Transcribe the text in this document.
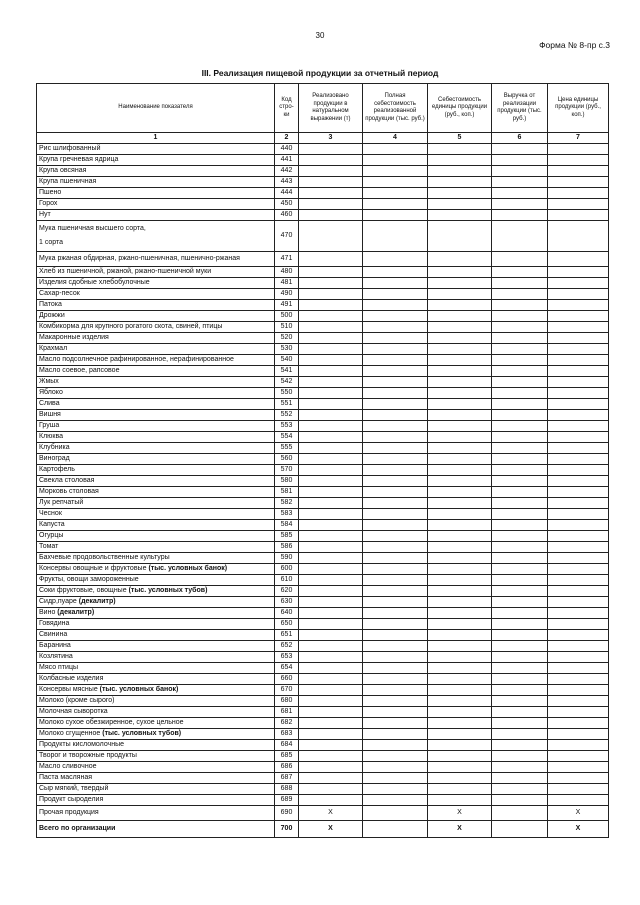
30
Форма № 8-пр с.3
III. Реализация пищевой продукции за отчетный период
Наименование показателя	Код стро-ки	Реализовано продукции в натуральном выражении (т)	Полная себестоимость реализованной продукции (тыс. руб.)	Себестоимость единицы продукции (руб., коп.)	Выручка от реализации продукции (тыс. руб.)	Цена единицы продукции (руб., коп.)
1	2	3	4	5	6	7
Рис шлифованный	440					
Крупа гречневая ядрица	441					
Крупа овсяная	442					
Крупа пшеничная	443					
Пшено	444					
Горох	450					
Нут	460					
Мука пшеничная высшего сорта,
1 сорта	470					
Мука ржаная обдирная, ржано-пшеничная, пшенично-ржаная	471					
Хлеб из пшеничной, ржаной, ржано-пшеничной муки	480					
Изделия сдобные хлебобулочные	481					
Сахар-песок	490					
Патока	491					
Дрожжи	500					
Комбикорма для крупного рогатого скота, свиней, птицы	510					
Макаронные изделия	520					
Крахмал	530					
Масло подсолнечное рафинированное, нерафинированное	540					
Масло соевое, рапсовое	541					
Жмых	542					
Яблоко	550					
Слива	551					
Вишня	552					
Груша	553					
Клюква	554					
Клубника	555					
Виноград	560					
Картофель	570					
Свекла столовая	580					
Морковь столовая	581					
Лук репчатый	582					
Чеснок	583					
Капуста	584					
Огурцы	585					
Томат	586					
Бахчевые продовольственные культуры	590					
Консервы овощные и фруктовые (тыс. условных банок)	600					
Фрукты, овощи замороженные	610					
Соки фруктовые, овощные (тыс. условных тубов)	620					
Сидр,пуаре (декалитр)	630					
Вино (декалитр)	640					
Говядина	650					
Свинина	651					
Баранина	652					
Козлятина	653					
Мясо птицы	654					
Колбасные изделия	660					
Консервы мясные (тыс. условных банок)	670					
Молоко (кроме сырого)	680					
Молочная сыворотка	681					
Молоко сухое обезжиренное, сухое цельное	682					
Молоко сгущенное (тыс. условных тубов)	683					
Продукты кисломолочные	684					
Творог и творожные продукты	685					
Масло сливочное	686					
Паста масляная	687					
Сыр мягкий, твердый	688					
Продукт сыроделия	689					
Прочая продукция	690	X		X		X
Всего по организации	700	X		X		X
